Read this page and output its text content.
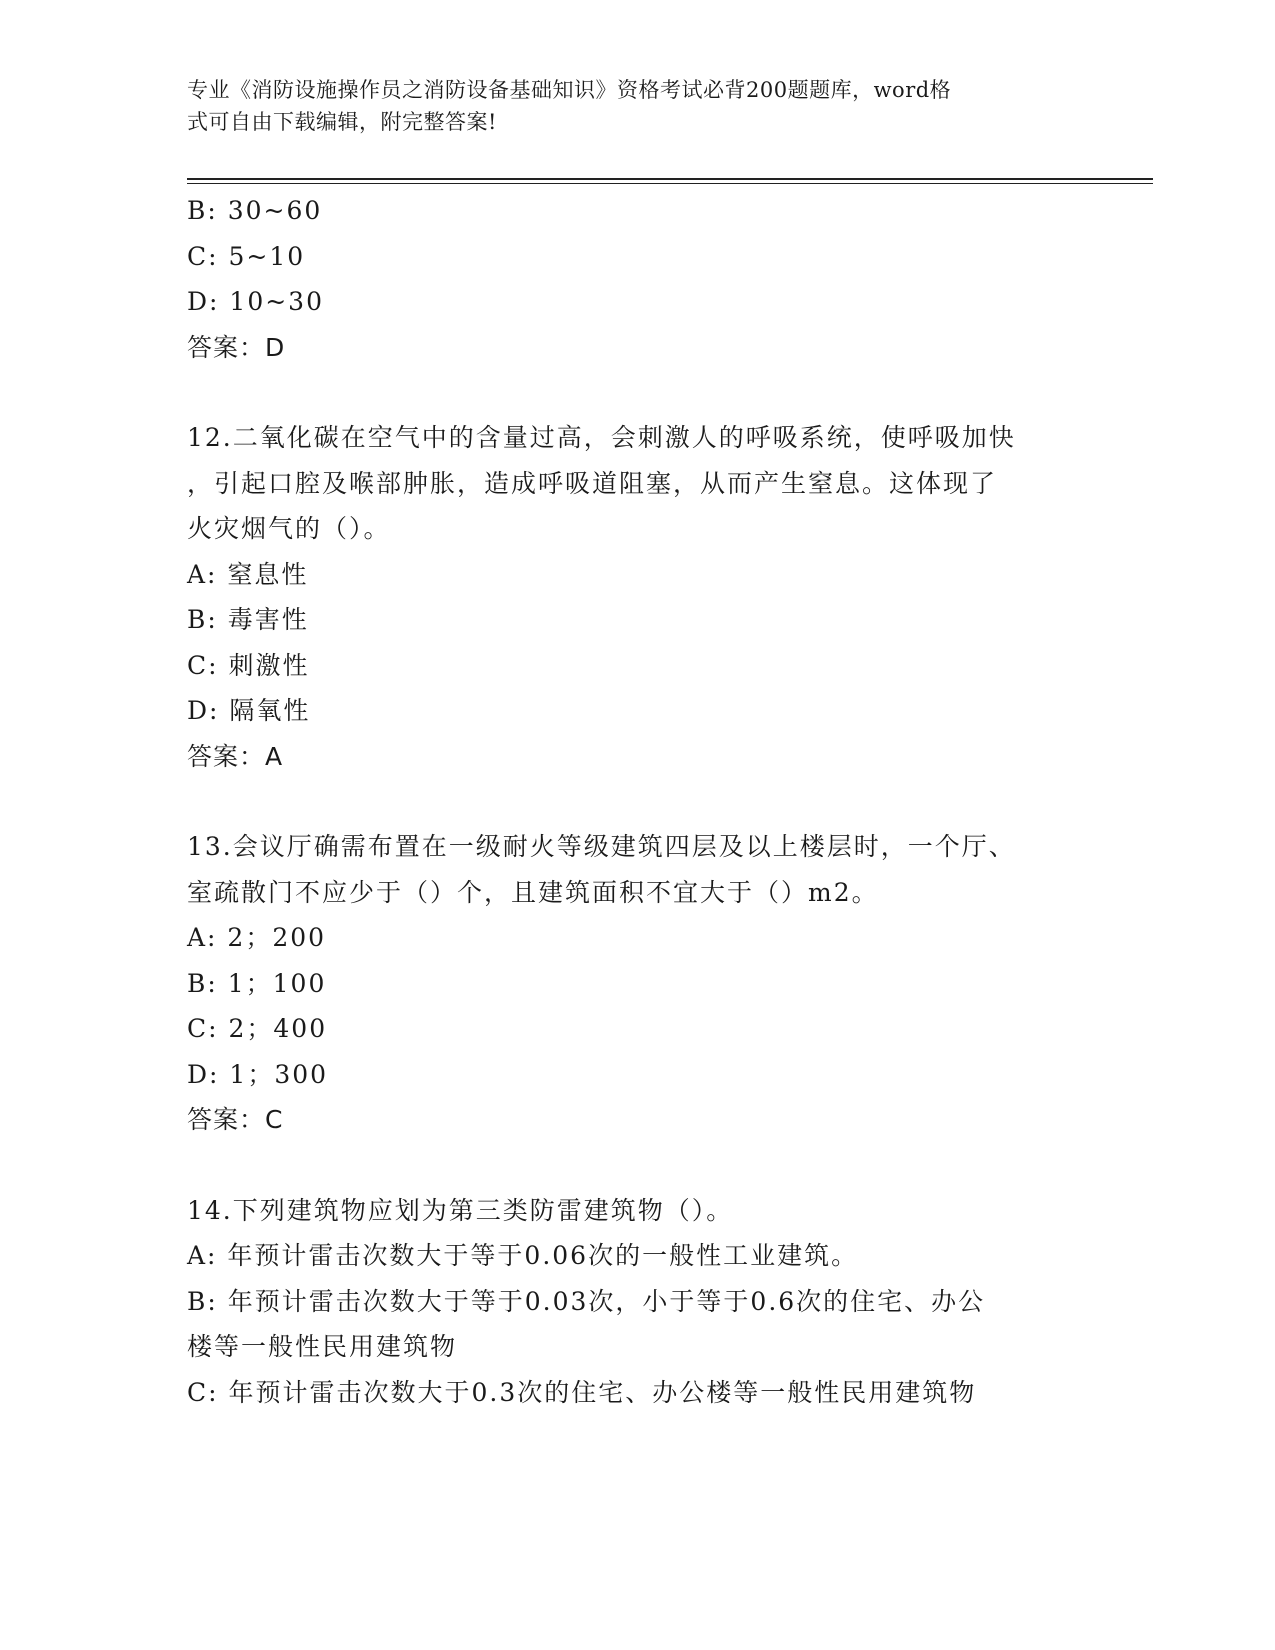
专业《消防设施操作员之消防设备基础知识》资格考试必背200题题库，word格
式可自由下载编辑，附完整答案!
B: 30~60
C: 5~10
D: 10~30
答案：D
12.二氧化碳在空气中的含量过高，会刺激人的呼吸系统，使呼吸加快
，引起口腔及喉部肿胀，造成呼吸道阻塞，从而产生窒息。这体现了
火灾烟气的（）。
A: 窒息性
B: 毒害性
C: 刺激性
D: 隔氧性
答案：A
13.会议厅确需布置在一级耐火等级建筑四层及以上楼层时，一个厅、
室疏散门不应少于（）个，且建筑面积不宜大于（）m2。
A: 2；200
B: 1；100
C: 2；400
D: 1；300
答案：C
14.下列建筑物应划为第三类防雷建筑物（）。
A: 年预计雷击次数大于等于0.06次的一般性工业建筑。
B: 年预计雷击次数大于等于0.03次，小于等于0.6次的住宅、办公
楼等一般性民用建筑物
C: 年预计雷击次数大于0.3次的住宅、办公楼等一般性民用建筑物
